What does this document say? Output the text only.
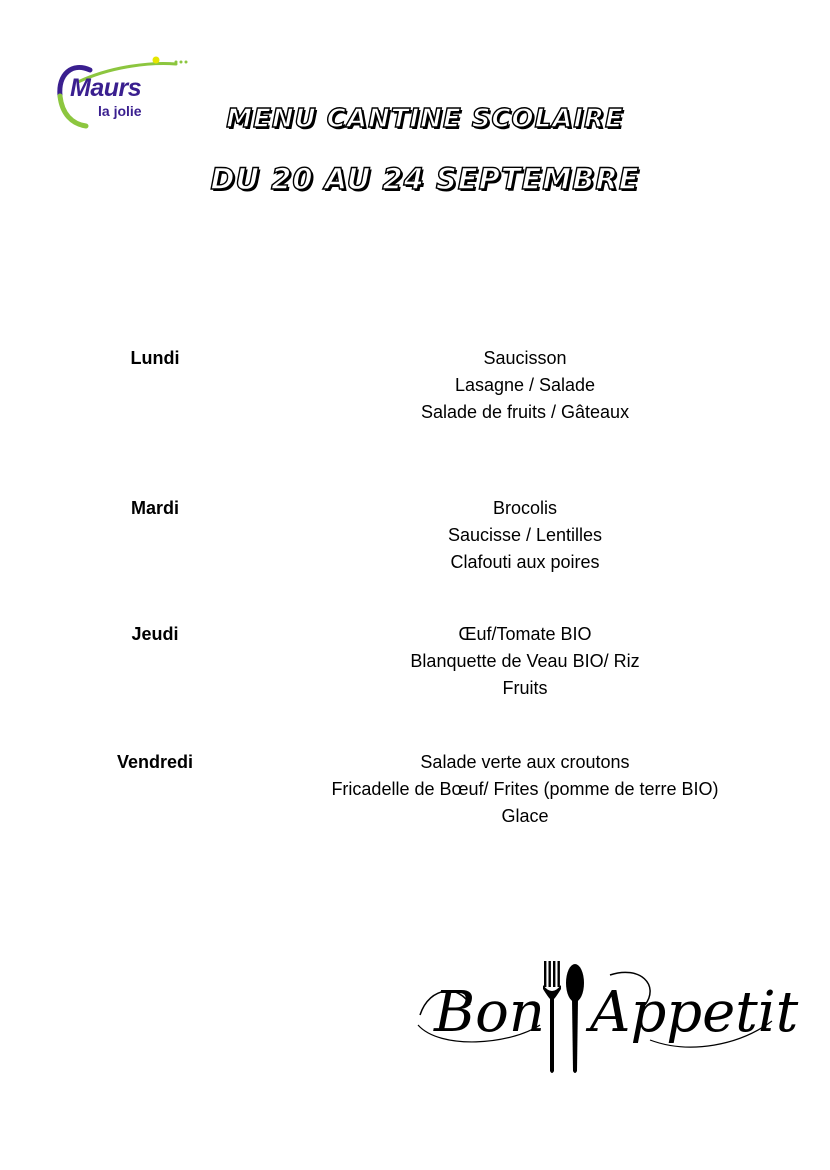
Maurs
la jolie	MENU CANTINE SCOLAIRE
DU 20 AU 24 SEPTEMBRE
Lundi	Saucisson
Lasagne / Salade
Salade de fruits / Gâteaux
Mardi	Brocolis
Saucisse / Lentilles
Clafouti aux poires
Jeudi	Œuf/Tomate BIO
Blanquette de Veau BIO/ Riz
Fruits
Vendredi	Salade verte aux croutons
Fricadelle de Bœuf/ Frites (pomme de terre BIO)
Glace
Bon Appetit
